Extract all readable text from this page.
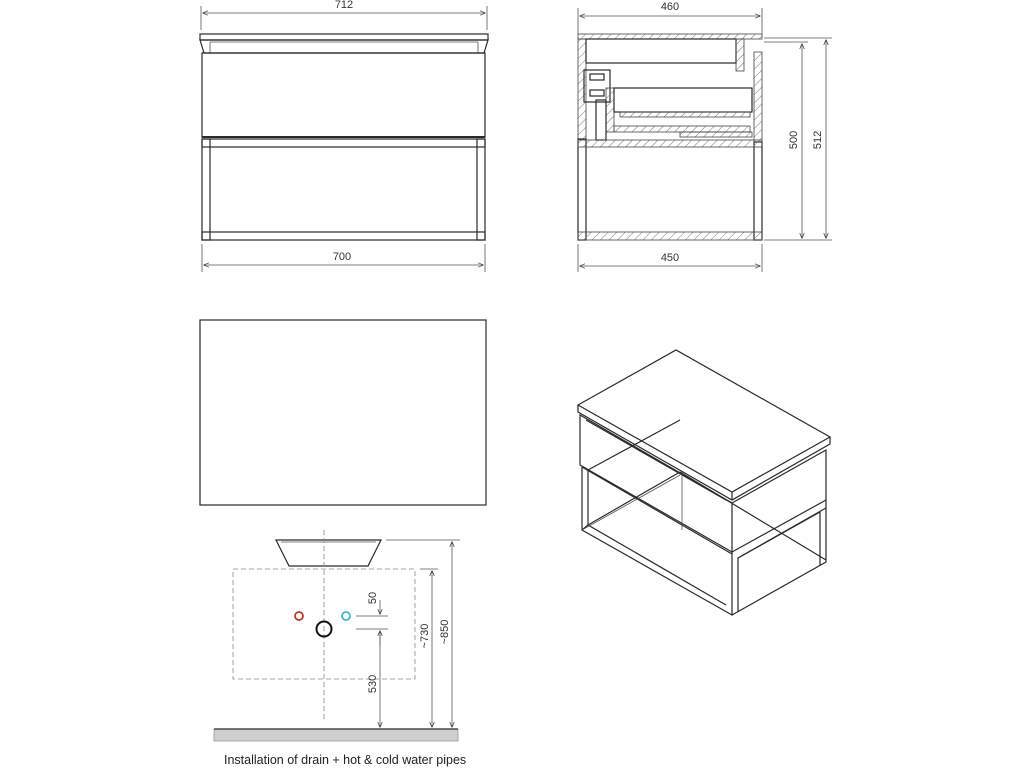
712
700
460
500 512
450
50
530
~730 ~850
Installation of drain + hot & cold water pipes
